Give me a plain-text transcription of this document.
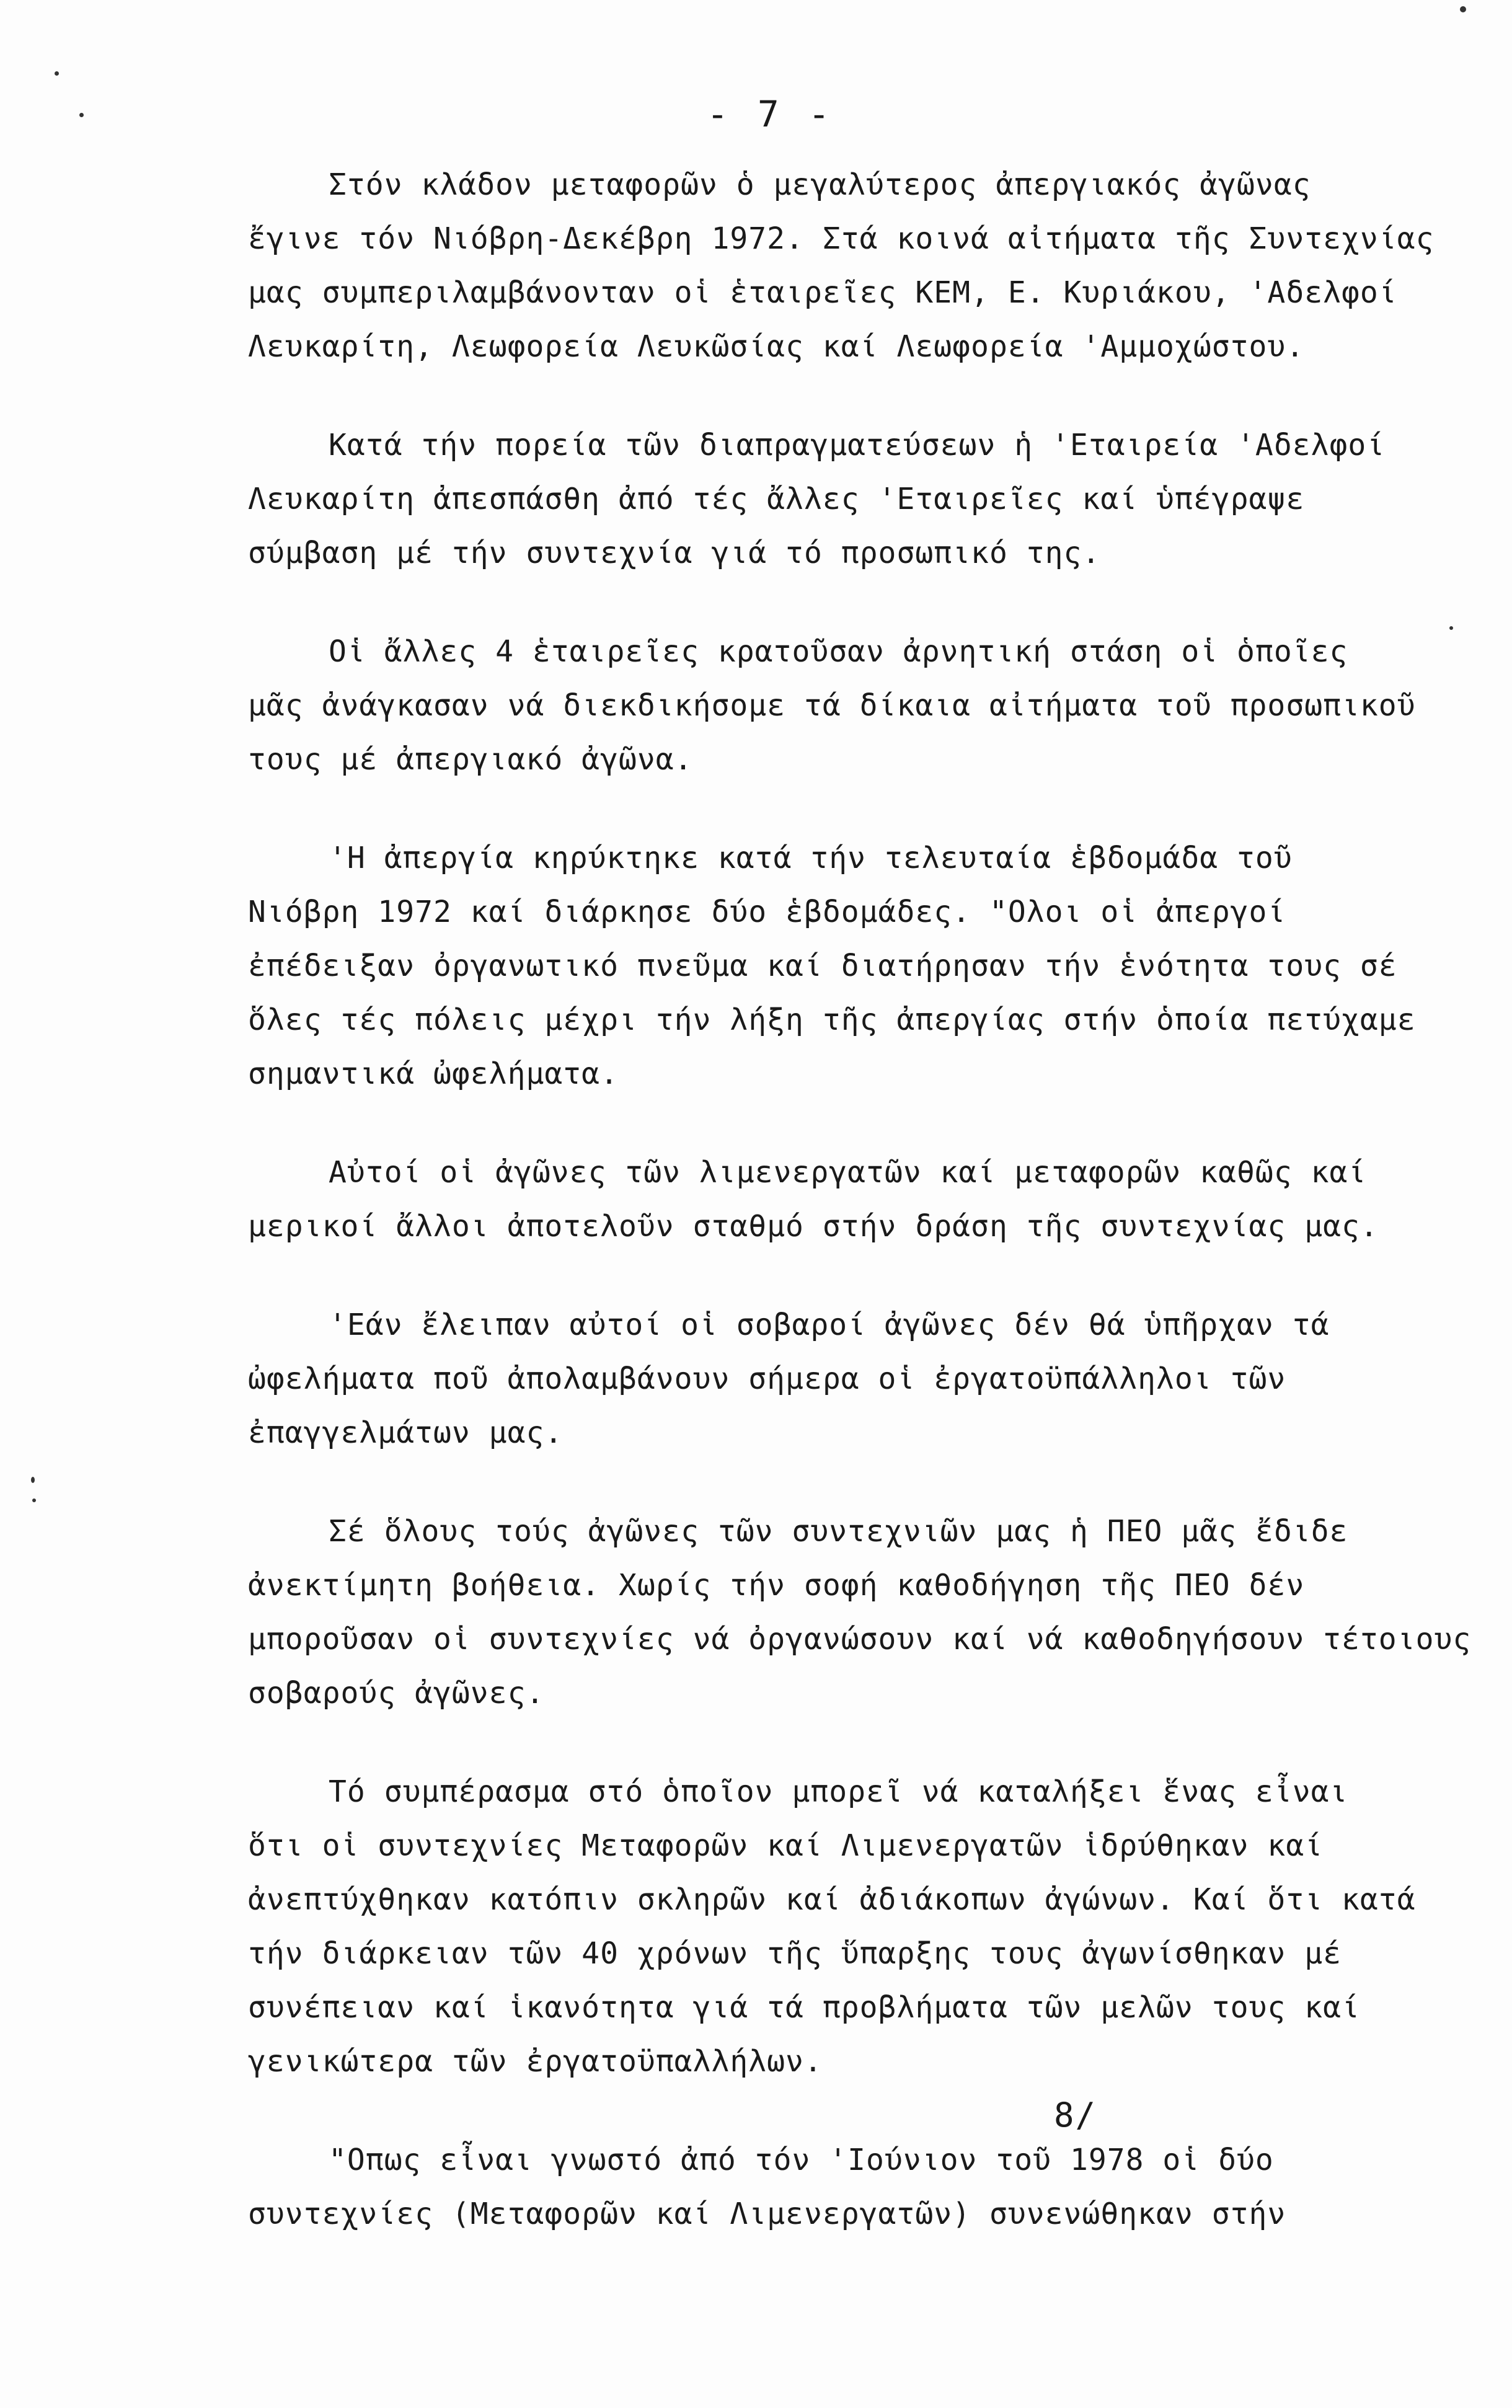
- 7 -

Στόν κλάδον μεταφορῶν ὁ μεγαλύτερος ἀπεργιακός ἀγῶνας
ἔγινε τόν Νιόβρη-Δεκέβρη 1972. Στά κοινά αἰτήματα τῆς Συντεχνίας
μας συμπεριλαμβάνονταν οἱ ἑταιρεῖες ΚΕΜ, Ε. Κυριάκου, 'Αδελφοί
Λευκαρίτη, Λεωφορεία Λευκῶσίας καί Λεωφορεία 'Αμμοχώστου.

Κατά τήν πορεία τῶν διαπραγματεύσεων ἡ 'Εταιρεία 'Αδελφοί
Λευκαρίτη ἀπεσπάσθη ἀπό τές ἄλλες 'Εταιρεῖες καί ὑπέγραψε
σύμβαση μέ τήν συντεχνία γιά τό προσωπικό της.

Οἱ ἄλλες 4 ἑταιρεῖες κρατοῦσαν ἀρνητική στάση οἱ ὁποῖες
μᾶς ἀνάγκασαν νά διεκδικήσομε τά δίκαια αἰτήματα τοῦ προσωπικοῦ
τους μέ ἀπεργιακό ἀγῶνα.

'Η ἀπεργία κηρύκτηκε κατά τήν τελευταία ἑβδομάδα τοῦ
Νιόβρη 1972 καί διάρκησε δύο ἑβδομάδες. "Ολοι οἱ ἀπεργοί
ἐπέδειξαν ὀργανωτικό πνεῦμα καί διατήρησαν τήν ἑνότητα τους σέ
ὅλες τές πόλεις μέχρι τήν λήξη τῆς ἀπεργίας στήν ὁποία πετύχαμε
σημαντικά ὠφελήματα.

Αὐτοί οἱ ἀγῶνες τῶν λιμενεργατῶν καί μεταφορῶν καθῶς καί
μερικοί ἄλλοι ἀποτελοῦν σταθμό στήν δράση τῆς συντεχνίας μας.

'Εάν ἔλειπαν αὐτοί οἱ σοβαροί ἀγῶνες δέν θά ὑπῆρχαν τά
ὠφελήματα ποῦ ἀπολαμβάνουν σήμερα οἱ ἐργατοϋπάλληλοι τῶν
ἐπαγγελμάτων μας.

Σέ ὅλους τούς ἀγῶνες τῶν συντεχνιῶν μας ἡ ΠΕΟ μᾶς ἔδιδε
ἀνεκτίμητη βοήθεια. Χωρίς τήν σοφή καθοδήγηση τῆς ΠΕΟ δέν
μποροῦσαν οἱ συντεχνίες νά ὀργανώσουν καί νά καθοδηγήσουν τέτοιους
σοβαρούς ἀγῶνες.

Τό συμπέρασμα στό ὁποῖον μπορεῖ νά καταλήξει ἕνας εἶναι
ὅτι οἱ συντεχνίες Μεταφορῶν καί Λιμενεργατῶν ἱδρύθηκαν καί
ἀνεπτύχθηκαν κατόπιν σκληρῶν καί ἀδιάκοπων ἀγώνων. Καί ὅτι κατά
τήν διάρκειαν τῶν 40 χρόνων τῆς ὕπαρξης τους ἀγωνίσθηκαν μέ
συνέπειαν καί ἱκανότητα γιά τά προβλήματα τῶν μελῶν τους καί
γενικώτερα τῶν ἐργατοϋπαλλήλων.

"Οπως εἶναι γνωστό ἀπό τόν 'Ιούνιον τοῦ 1978 οἱ δύο
συντεχνίες (Μεταφορῶν καί Λιμενεργατῶν) συνενώθηκαν στήν

8/
